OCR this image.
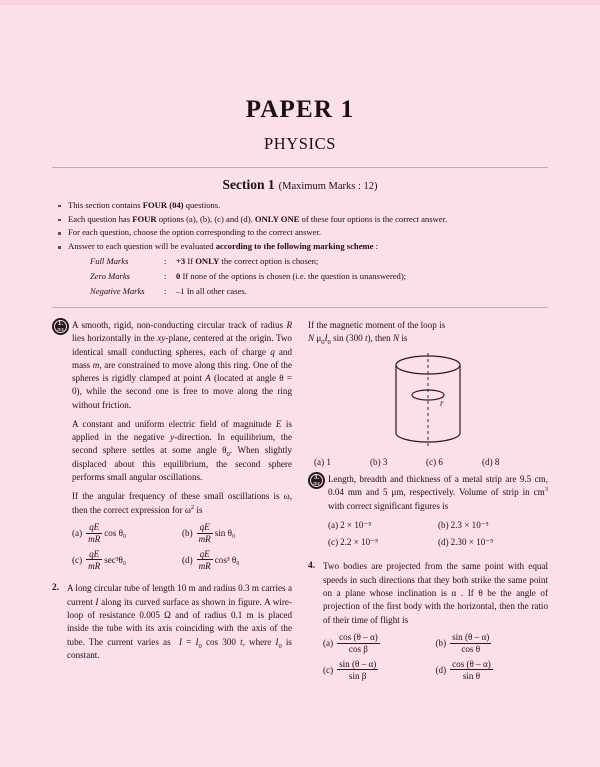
PAPER 1
PHYSICS
Section 1 (Maximum Marks : 12)
This section contains FOUR (04) questions.
Each question has FOUR options (a), (b), (c) and (d). ONLY ONE of these four options is the correct answer.
For each question, choose the option corresponding to the correct answer.
Answer to each question will be evaluated according to the following marking scheme :
Full Marks	:	+3 If ONLY the correct option is chosen;
Zero Marks	:	0 If none of the options is chosen (i.e. the question is unanswered);
Negative Marks	:	–1 In all other cases.
1.
JEE

A smooth, rigid, non-conducting circular track of radius R lies horizontally in the xy-plane, centered at the origin. Two identical small conducting spheres, each of charge q and mass m, are constrained to move along this ring. One of the spheres is rigidly clamped at point A (located at angle θ = 0), while the second one is free to move along the ring without friction.

A constant and uniform electric field of magnitude E is applied in the negative y-direction. In equilibrium, the second sphere settles at some angle $\theta_0$. When slightly displaced about this equilibrium, the second sphere performs small angular oscillations.

If the angular frequency of these small oscillations is ω, then the correct expression for $\omega^2$ is

$(a) \frac{qE}{mR}$ cos θ₀	$(b) \frac{qE}{mR}$ sin θ₀
$(c) \frac{qE}{mR} \sec^3\theta_0$	$(d) \frac{qE}{mR} \cos^3$ θ₀
2. A long circular tube of length 10 m and radius 0.3 m carries a current I along its curved surface as shown in figure. A wire-loop of resistance 0.005 Ω and of radius 0.1 m is placed inside the tube with its axis coinciding with the axis of the tube. The current varies as  $I = I_0$ cos 300 t, where $I_0$ is constant.

If the magnetic moment of the loop is

N $\mu_0I_0$ sin (300 t), then N is

r
(a) 1	(b) 3	(c) 6	(d) 8
3.
JEE

Length, breadth and thickness of a metal strip are 9.5 cm, 0.04 mm and 5 μm, respectively. Volume of strip in $cm^3$ with correct significant figures is

(a) 2 × 10⁻⁵	(b) 2.3 × 10⁻⁵
(c) 2.2 × 10⁻⁵	(d) 2.30 × 10⁻⁵
4. Two bodies are projected from the same point with equal speeds in such directions that they both strike the same point on a plane whose inclination is α . If θ be the angle of projection of the first body with the horizontal, then the ratio of their time of flight is

$(a) \frac{\cos (\theta - \alpha)}{\text{cos β}}$	$(b) \frac{\sin (\theta - \alpha)}{\text{cos θ}}$
$(c) \frac{\sin (\theta - \alpha)}{\text{sin β}}$	$(d) \frac{\cos (\theta - \alpha)}{\text{sin θ}}$
